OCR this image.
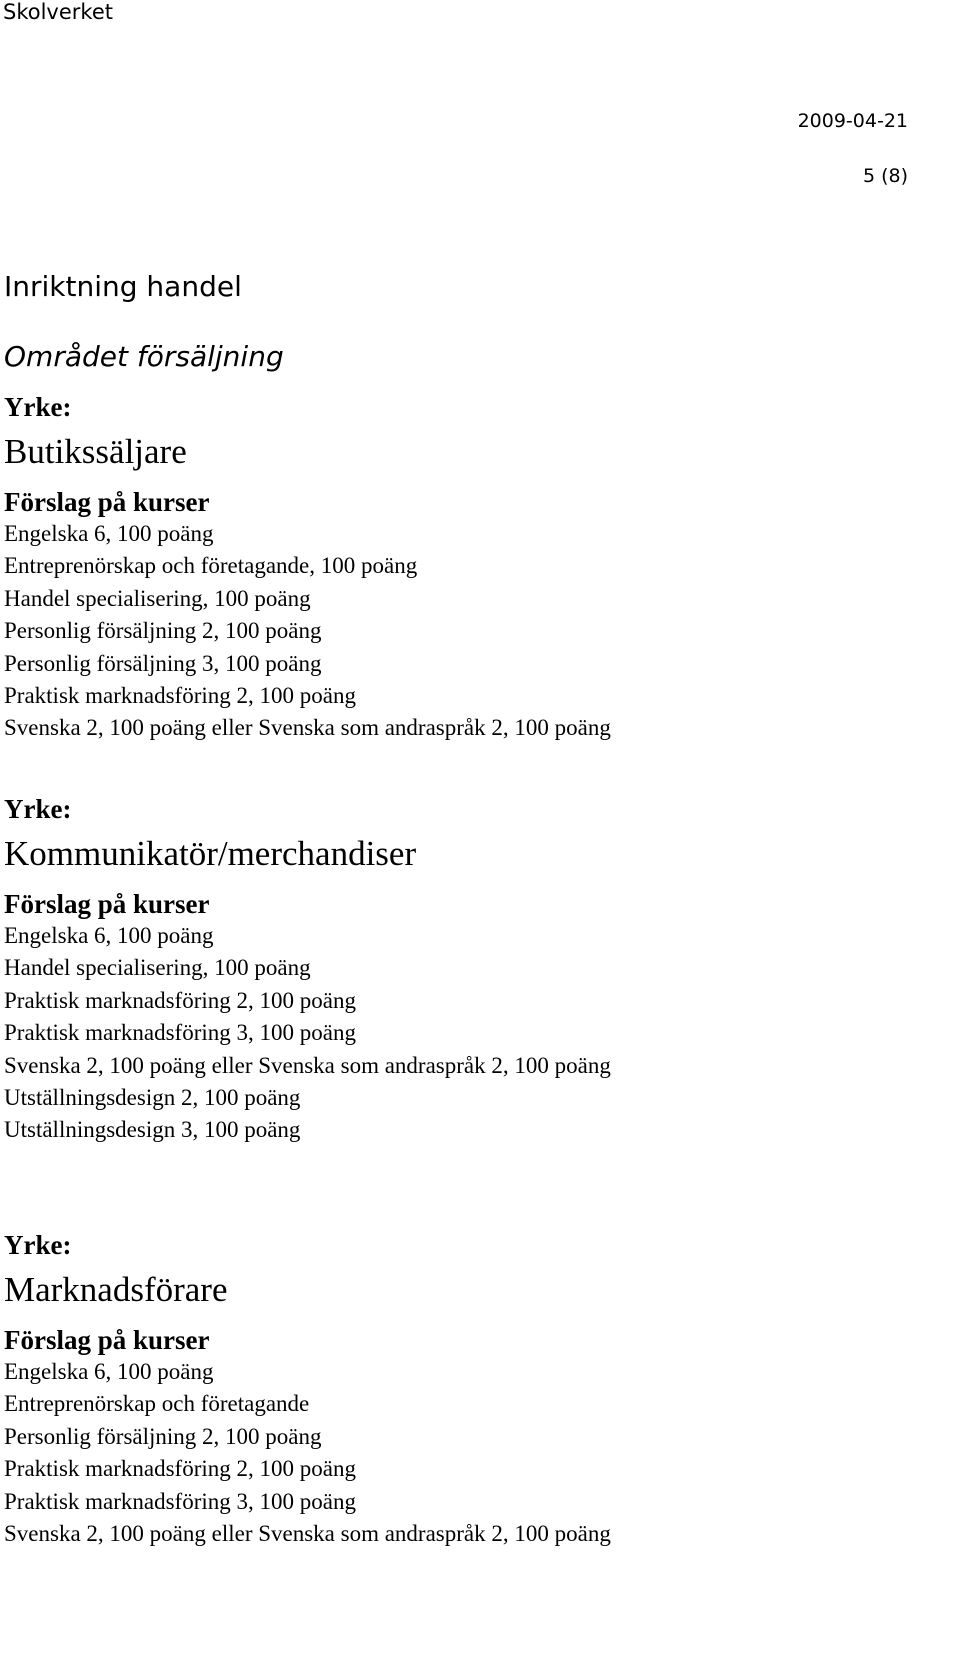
Skolverket
2009-04-21
5 (8)
Inriktning handel
Området försäljning
Yrke:
Butikssäljare
Förslag på kurser
Engelska 6, 100 poäng
Entreprenörskap och företagande, 100 poäng
Handel specialisering, 100 poäng
Personlig försäljning 2, 100 poäng
Personlig försäljning 3, 100 poäng
Praktisk marknadsföring 2, 100 poäng
Svenska 2, 100 poäng eller Svenska som andraspråk 2, 100 poäng
Yrke:
Kommunikatör/merchandiser
Förslag på kurser
Engelska 6, 100 poäng
Handel specialisering, 100 poäng
Praktisk marknadsföring 2, 100 poäng
Praktisk marknadsföring 3, 100 poäng
Svenska 2, 100 poäng eller Svenska som andraspråk 2, 100 poäng
Utställningsdesign 2, 100 poäng
Utställningsdesign 3, 100 poäng
Yrke:
Marknadsförare
Förslag på kurser
Engelska 6, 100 poäng
Entreprenörskap och företagande
Personlig försäljning 2, 100 poäng
Praktisk marknadsföring 2, 100 poäng
Praktisk marknadsföring 3, 100 poäng
Svenska 2, 100 poäng eller Svenska som andraspråk 2, 100 poäng
